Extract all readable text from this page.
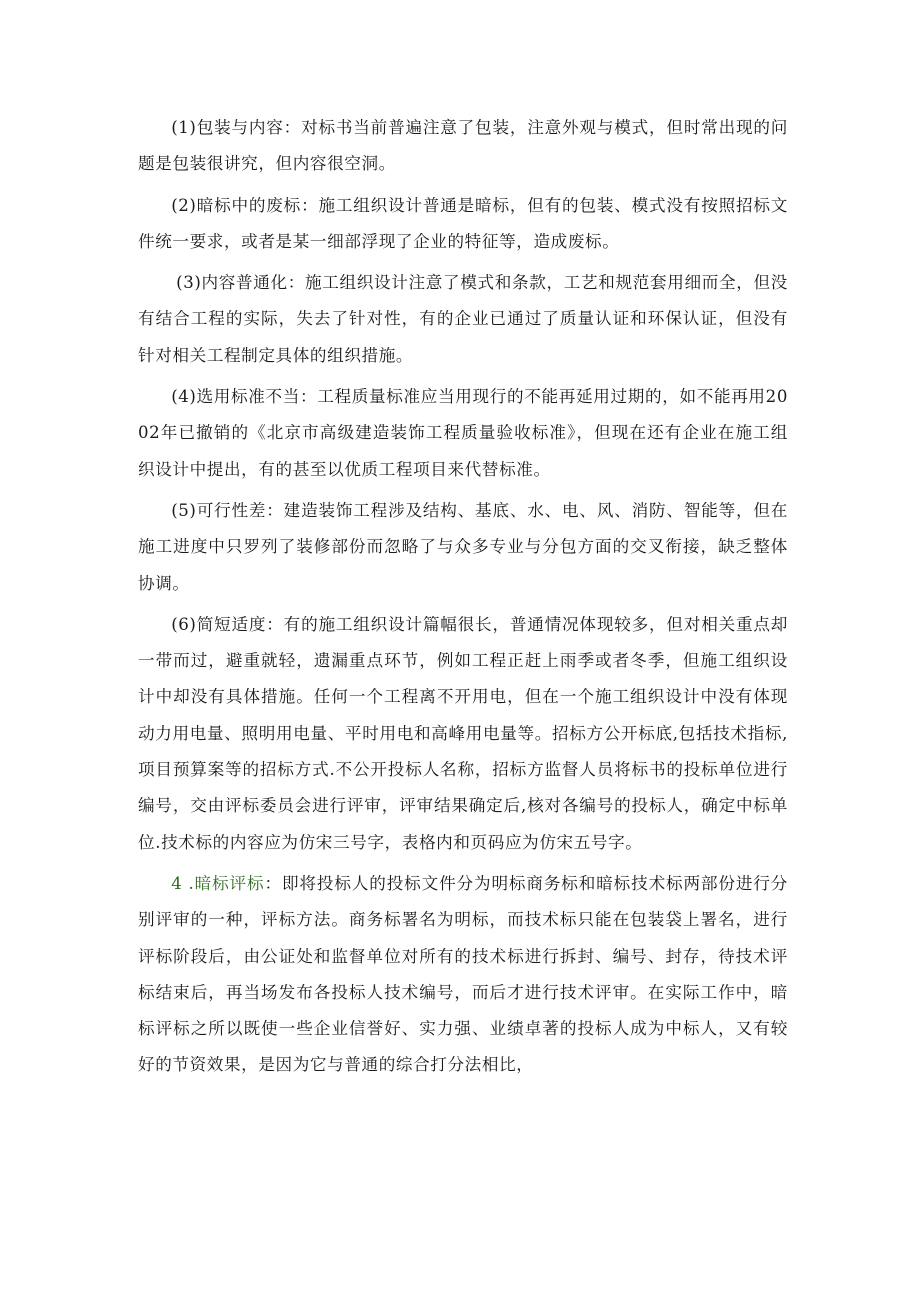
(1)包装与内容：对标书当前普遍注意了包装，注意外观与模式，但时常出现的问题是包装很讲究，但内容很空洞。

(2)暗标中的废标：施工组织设计普通是暗标，但有的包装、模式没有按照招标文件统一要求，或者是某一细部浮现了企业的特征等，造成废标。

(3)内容普通化：施工组织设计注意了模式和条款，工艺和规范套用细而全，但没有结合工程的实际，失去了针对性，有的企业已通过了质量认证和环保认证，但没有针对相关工程制定具体的组织措施。

(4)选用标准不当：工程质量标准应当用现行的不能再延用过期的，如不能再用2002年已撤销的《北京市高级建造装饰工程质量验收标准》，但现在还有企业在施工组织设计中提出，有的甚至以优质工程项目来代替标准。

(5)可行性差：建造装饰工程涉及结构、基底、水、电、风、消防、智能等，但在施工进度中只罗列了装修部份而忽略了与众多专业与分包方面的交叉衔接，缺乏整体协调。

(6)简短适度：有的施工组织设计篇幅很长，普通情况体现较多，但对相关重点却一带而过，避重就轻，遗漏重点环节，例如工程正赶上雨季或者冬季，但施工组织设计中却没有具体措施。任何一个工程离不开用电，但在一个施工组织设计中没有体现动力用电量、照明用电量、平时用电和高峰用电量等。招标方公开标底,包括技术指标,项目预算案等的招标方式.不公开投标人名称，招标方监督人员将标书的投标单位进行编号，交由评标委员会进行评审，评审结果确定后,核对各编号的投标人，确定中标单位.技术标的内容应为仿宋三号字，表格内和页码应为仿宋五号字。

4 .暗标评标：即将投标人的投标文件分为明标商务标和暗标技术标两部份进行分别评审的一种，评标方法。商务标署名为明标，而技术标只能在包装袋上署名，进行评标阶段后，由公证处和监督单位对所有的技术标进行拆封、编号、封存，待技术评标结束后，再当场发布各投标人技术编号，而后才进行技术评审。在实际工作中，暗标评标之所以既使一些企业信誉好、实力强、业绩卓著的投标人成为中标人，又有较好的节资效果，是因为它与普通的综合打分法相比，
